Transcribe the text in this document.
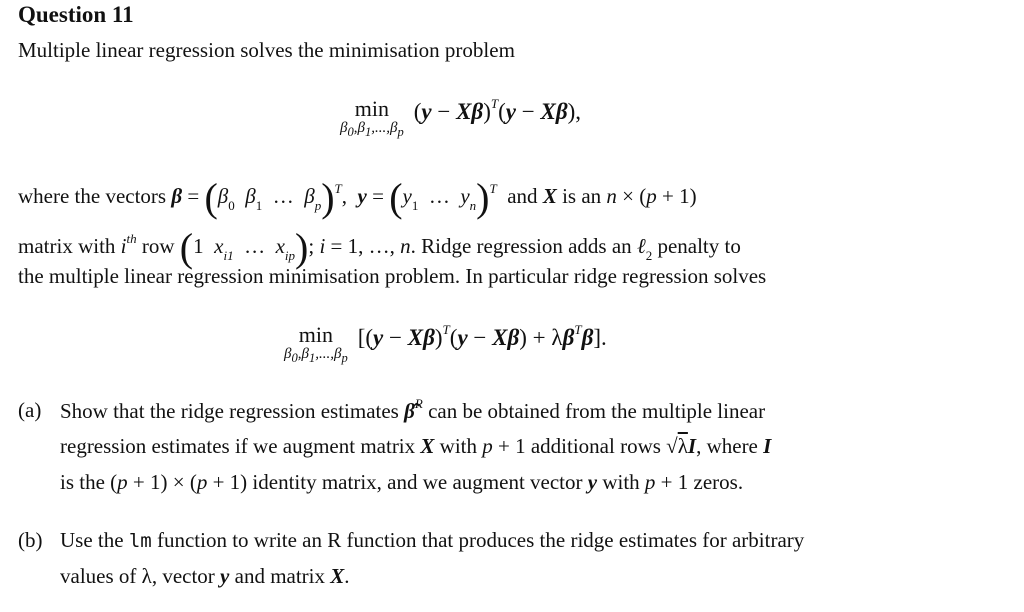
Question 11
Multiple linear regression solves the minimisation problem
min
$\beta_0,\beta_1,...,\beta_p$
$(y - X\beta)^T(y - X\beta)$,
where the vectors $\beta = (\beta_0$ $\beta_1$  …  $\beta_p)^T$,  $y = (y_1$  …  $y_n)^T$ and X is an n × (p + 1)
matrix with $i^{th}$ row (1  $x_{i1}$  …  $x_{ip}$); i = 1, …, n. Ridge regression adds an ℓ$_2$ penalty to
the multiple linear regression minimisation problem. In particular ridge regression solves
min
$\beta_0,\beta_1,...,\beta_p$
$[(y - X\beta)^T(y - X\beta) + \lambda\beta^T\beta]$.
(a) Show that the ridge regression estimates β̂$^R$ can be obtained from the multiple linear
regression estimates if we augment matrix X with p + 1 additional rows √λI, where I
is the (p + 1) × (p + 1) identity matrix, and we augment vector y with p + 1 zeros.
(b) Use the lm function to write an R function that produces the ridge estimates for arbitrary
values of λ, vector y and matrix X.
